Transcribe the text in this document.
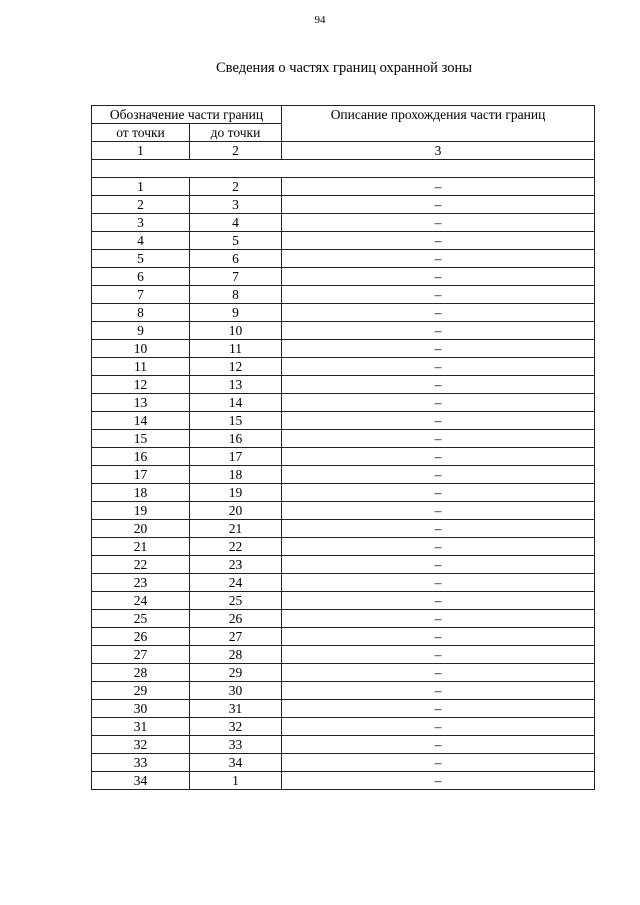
94
Сведения о частях границ охранной зоны
Обозначение части границ		Описание прохождения части границ
от точки	до точки	
1	2	3

1	2	–
2	3	–
3	4	–
4	5	–
5	6	–
6	7	–
7	8	–
8	9	–
9	10	–
10	11	–
11	12	–
12	13	–
13	14	–
14	15	–
15	16	–
16	17	–
17	18	–
18	19	–
19	20	–
20	21	–
21	22	–
22	23	–
23	24	–
24	25	–
25	26	–
26	27	–
27	28	–
28	29	–
29	30	–
30	31	–
31	32	–
32	33	–
33	34	–
34	1	–
